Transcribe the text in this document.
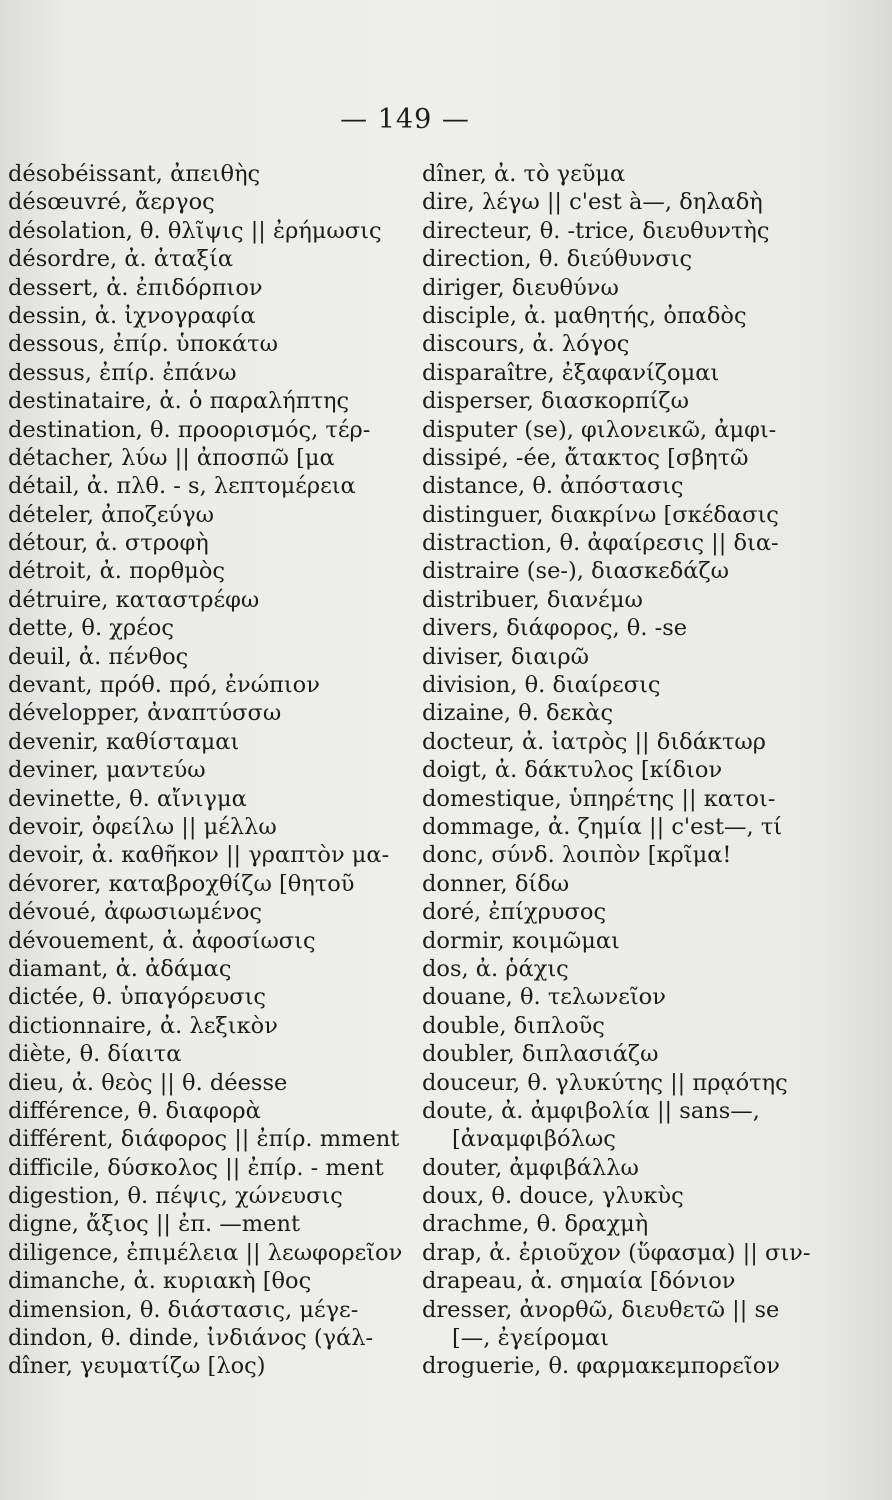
— 149 —
désobéissant, ἀπειθὴς
désœuvré, ἄεργος
désolation, θ. θλῖψις || ἐρήμωσις
désordre, ἀ. ἀταξία
dessert, ἀ. ἐπιδόρπιον
dessin, ἀ. ἰχνογραφία
dessous, ἐπίρ. ὑποκάτω
dessus, ἐπίρ. ἐπάνω
destinataire, ἀ. ὁ παραλήπτης
destination, θ. προορισμός, τέρ-
détacher, λύω || ἀποσπῶ [μα
détail, ἀ. πλθ. - s, λεπτομέρεια
dételer, ἀποζεύγω
détour, ἀ. στροφὴ
détroit, ἀ. πορθμὸς
détruire, καταστρέφω
dette, θ. χρέος
deuil, ἀ. πένθος
devant, πρόθ. πρό, ἐνώπιον
développer, ἀναπτύσσω
devenir, καθίσταμαι
deviner, μαντεύω
devinette, θ. αἴνιγμα
devoir, ὀφείλω || μέλλω
devoir, ἀ. καθῆκον || γραπτὸν μα-
dévorer, καταβροχθίζω [θητοῦ
dévoué, ἀφωσιωμένος
dévouement, ἀ. ἀφοσίωσις
diamant, ἀ. ἀδάμας
dictée, θ. ὑπαγόρευσις
dictionnaire, ἀ. λεξικὸν
diète, θ. δίαιτα
dieu, ἀ. θεὸς || θ. déesse
différence, θ. διαφορὰ
différent, διάφορος || ἐπίρ. mment
difficile, δύσκολος || ἐπίρ. - ment
digestion, θ. πέψις, χώνευσις
digne, ἄξιος || ἐπ. —ment
diligence, ἐπιμέλεια || λεωφορεῖον
dimanche, ἀ. κυριακὴ [θος
dimension, θ. διάστασις, μέγε-
dindon, θ. dinde, ἰνδιάνος (γάλ-
dîner, γευματίζω [λος)
dîner, ἀ. τὸ γεῦμα
dire, λέγω || c'est à—, δηλαδὴ
directeur, θ. -trice, διευθυντὴς
direction, θ. διεύθυνσις
diriger, διευθύνω
disciple, ἀ. μαθητής, ὀπαδὸς
discours, ἀ. λόγος
disparaître, ἐξαφανίζομαι
disperser, διασκορπίζω
disputer (se), φιλονεικῶ, ἀμφι-
dissipé, -ée, ἄτακτος [σβητῶ
distance, θ. ἀπόστασις
distinguer, διακρίνω [σκέδασις
distraction, θ. ἀφαίρεσις || δια-
distraire (se-), διασκεδάζω
distribuer, διανέμω
divers, διάφορος, θ. -se
diviser, διαιρῶ
division, θ. διαίρεσις
dizaine, θ. δεκὰς
docteur, ἀ. ἰατρὸς || διδάκτωρ
doigt, ἀ. δάκτυλος [κίδιον
domestique, ὑπηρέτης || κατοι-
dommage, ἀ. ζημία || c'est—, τί
donc, σύνδ. λοιπὸν [κρῖμα!
donner, δίδω
doré, ἐπίχρυσος
dormir, κοιμῶμαι
dos, ἀ. ῥάχις
douane, θ. τελωνεῖον
double, διπλοῦς
doubler, διπλασιάζω
douceur, θ. γλυκύτης || πρᾳότης
doute, ἀ. ἀμφιβολία || sans—,
[ἀναμφιβόλως
douter, ἀμφιβάλλω
doux, θ. douce, γλυκὺς
drachme, θ. δραχμὴ
drap, ἀ. ἐριοῦχον (ὕφασμα) || σιν-
drapeau, ἀ. σημαία [δόνιον
dresser, ἀνορθῶ, διευθετῶ || se
[—, ἐγείρομαι
droguerie, θ. φαρμακεμπορεῖον
